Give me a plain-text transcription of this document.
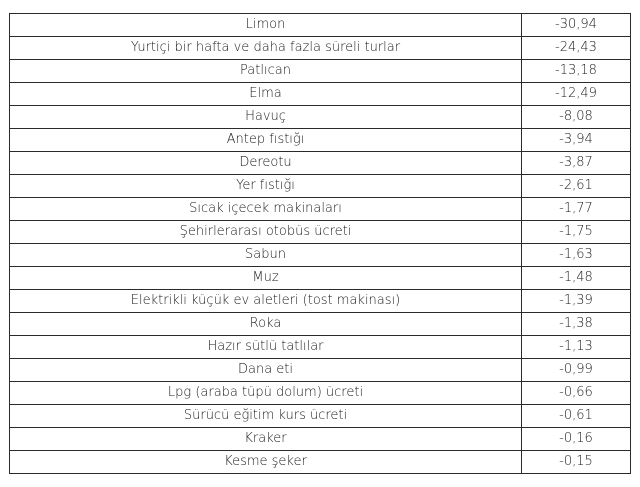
Limon	-30,94
Yurtiçi bir hafta ve daha fazla süreli turlar	-24,43
Patlıcan	-13,18
Elma	-12,49
Havuç	-8,08
Antep fıstığı	-3,94
Dereotu	-3,87
Yer fıstığı	-2,61
Sıcak içecek makinaları	-1,77
Şehirlerarası otobüs ücreti	-1,75
Sabun	-1,63
Muz	-1,48
Elektrikli küçük ev aletleri (tost makinası)	-1,39
Roka	-1,38
Hazır sütlü tatlılar	-1,13
Dana eti	-0,99
Lpg (araba tüpü dolum) ücreti	-0,66
Sürücü eğitim kurs ücreti	-0,61
Kraker	-0,16
Kesme şeker	-0,15
